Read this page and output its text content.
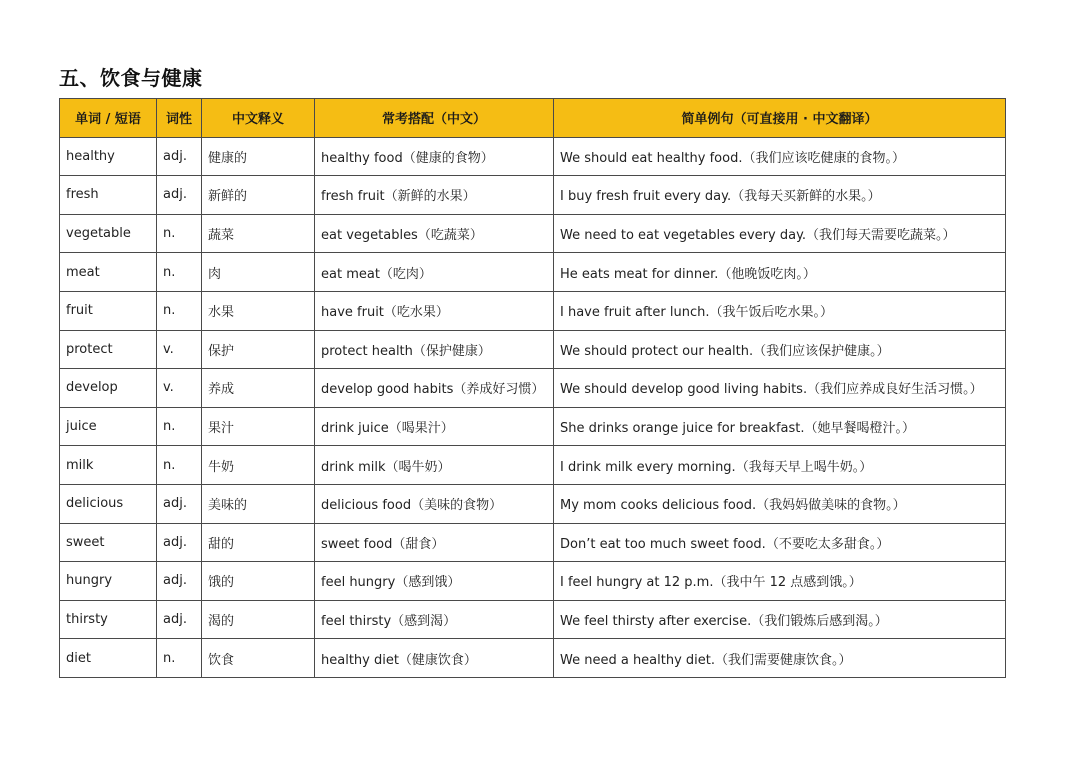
五、饮食与健康
单词 / 短语	词性	中文释义	常考搭配（中文）	简单例句（可直接用 · 中文翻译）
healthy	adj.	健康的	healthy food（健康的食物）	We should eat healthy food.（我们应该吃健康的食物。）
fresh	adj.	新鲜的	fresh fruit（新鲜的水果）	I buy fresh fruit every day.（我每天买新鲜的水果。）
vegetable	n.	蔬菜	eat vegetables（吃蔬菜）	We need to eat vegetables every day.（我们每天需要吃蔬菜。）
meat	n.	肉	eat meat（吃肉）	He eats meat for dinner.（他晚饭吃肉。）
fruit	n.	水果	have fruit（吃水果）	I have fruit after lunch.（我午饭后吃水果。）
protect	v.	保护	protect health（保护健康）	We should protect our health.（我们应该保护健康。）
develop	v.	养成	develop good habits（养成好习惯）	We should develop good living habits.（我们应养成良好生活习惯。）
juice	n.	果汁	drink juice（喝果汁）	She drinks orange juice for breakfast.（她早餐喝橙汁。）
milk	n.	牛奶	drink milk（喝牛奶）	I drink milk every morning.（我每天早上喝牛奶。）
delicious	adj.	美味的	delicious food（美味的食物）	My mom cooks delicious food.（我妈妈做美味的食物。）
sweet	adj.	甜的	sweet food（甜食）	Don’t eat too much sweet food.（不要吃太多甜食。）
hungry	adj.	饿的	feel hungry（感到饿）	I feel hungry at 12 p.m.（我中午 12 点感到饿。）
thirsty	adj.	渴的	feel thirsty（感到渴）	We feel thirsty after exercise.（我们锻炼后感到渴。）
diet	n.	饮食	healthy diet（健康饮食）	We need a healthy diet.（我们需要健康饮食。）
